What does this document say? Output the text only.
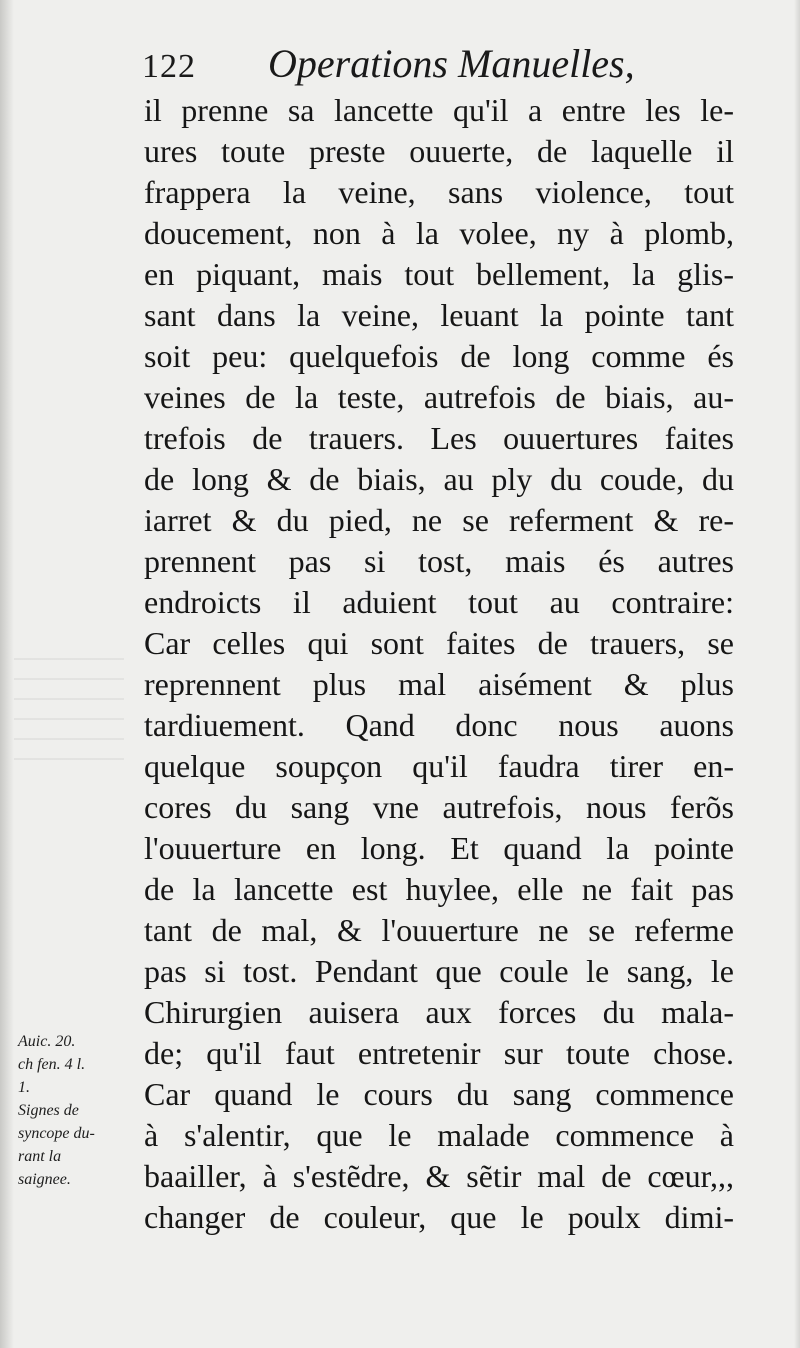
122 Operations Manuelles,
il prenne sa lancette qu'il a entre les le-
ures toute preste ouuerte, de laquelle il
frappera la veine, sans violence, tout
doucement, non à la volee, ny à plomb,
en piquant, mais tout bellement, la glis-
sant dans la veine, leuant la pointe tant
soit peu: quelquefois de long comme és
veines de la teste, autrefois de biais, au-
trefois de trauers. Les ouuertures faites
de long & de biais, au ply du coude, du
iarret & du pied, ne se referment & re-
prennent pas si tost, mais és autres
endroicts il aduient tout au contraire:
Car celles qui sont faites de trauers, se
reprennent plus mal aisément & plus
tardiuement. Qand donc nous auons
quelque soupçon qu'il faudra tirer en-
cores du sang vne autrefois, nous ferõs
l'ouuerture en long. Et quand la pointe
de la lancette est huylee, elle ne fait pas
tant de mal, & l'ouuerture ne se referme
pas si tost. Pendant que coule le sang, le
Chirurgien auisera aux forces du mala-
de; qu'il faut entretenir sur toute chose.
Car quand le cours du sang commence
à s'alentir, que le malade commence à
baailler, à s'estẽdre, & sẽtir mal de cœur,,,
changer de couleur, que le poulx dimi-
Auic. 20.
ch fen. 4 l.
1.
Signes de
syncope du-
rant la
saignee.
